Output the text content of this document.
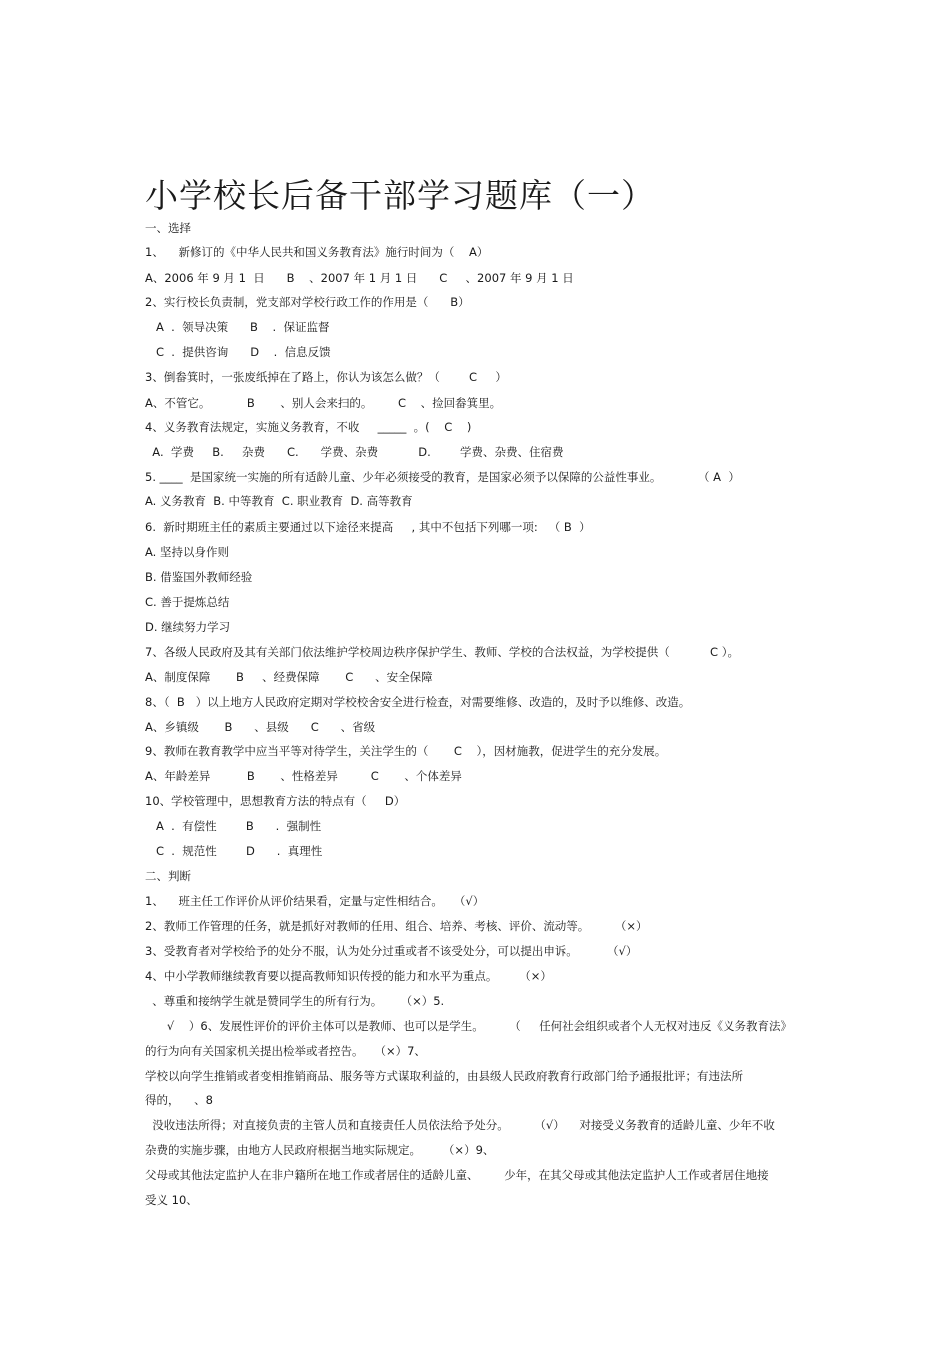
小学校长后备干部学习题库（一）

一、选择

1、    新修订的《中华人民共和国义务教育法》施行时间为（    A）

A、2006 年 9 月 1  日      B    、2007 年 1 月 1 日      C     、2007 年 9 月 1 日

2、实行校长负责制，党支部对学校行政工作的作用是（      B）

A  .  领导决策      B    .  保证监督

C  .  提供咨询      D    .  信息反馈

3、倒畚箕时，一张废纸掉在了路上，你认为该怎么做？（        C     ）

A、不管它。          B       、别人会来扫的。       C    、捡回畚箕里。

4、义务教育法规定，实施义务教育，不收     _____  。(    C    )

A.  学费     B.     杂费      C.      学费、杂费           D.        学费、杂费、住宿费

5. ____  是国家统一实施的所有适龄儿童、少年必须接受的教育，是国家必须予以保障的公益性事业。          （ A  ）

A. 义务教育  B. 中等教育  C. 职业教育  D. 高等教育

6.  新时期班主任的素质主要通过以下途径来提高     , 其中不包括下列哪一项:   （ B  ）

A. 坚持以身作则

B. 借鉴国外教师经验

C. 善于提炼总结

D. 继续努力学习

7、各级人民政府及其有关部门依法维护学校周边秩序保护学生、教师、学校的合法权益，为学校提供（           C ）。

A、制度保障       B     、经费保障       C      、安全保障

8、（  B   ）以上地方人民政府定期对学校校舍安全进行检查，对需要维修、改造的，及时予以维修、改造。

A、乡镇级       B      、县级      C      、省级

9、教师在教育教学中应当平等对待学生，关注学生的（       C    ），因材施教，促进学生的充分发展。

A、年龄差异          B       、性格差异         C       、个体差异

10、学校管理中，思想教育方法的特点有（     D）

A  .  有偿性        B      .  强制性

C  .  规范性        D      .  真理性

二、判断

1、    班主任工作评价从评价结果看，定量与定性相结合。   （√）

2、教师工作管理的任务，就是抓好对教师的任用、组合、培养、考核、评价、流动等。       （×）

3、受教育者对学校给予的处分不服，认为处分过重或者不该受处分，可以提出申诉。        （√）

4、中小学教师继续教育要以提高教师知识传授的能力和水平为重点。      （×）

、尊重和接纳学生就是赞同学生的所有行为。     （×）5.

√    ）6、发展性评价的评价主体可以是教师、也可以是学生。       （     任何社会组织或者个人无权对违反《义务教育法》

的行为向有关国家机关提出检举或者控告。   （×）7、

学校以向学生推销或者变相推销商品、服务等方式谋取利益的，由县级人民政府教育行政部门给予通报批评；有违法所

得的，    、8

没收违法所得；对直接负责的主管人员和直接责任人员依法给予处分。       （√）    对接受义务教育的适龄儿童、少年不收

杂费的实施步骤，由地方人民政府根据当地实际规定。      （×）9、

父母或其他法定监护人在非户籍所在地工作或者居住的适龄儿童、       少年，在其父母或其他法定监护人工作或者居住地接

受义 10、
